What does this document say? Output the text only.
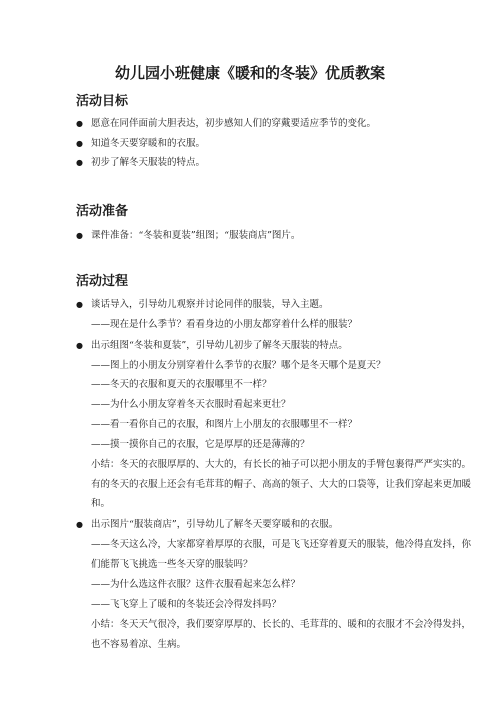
幼儿园小班健康《暖和的冬装》优质教案
活动目标
● 愿意在同伴面前大胆表达，初步感知人们的穿戴要适应季节的变化。
● 知道冬天要穿暖和的衣服。
● 初步了解冬天服装的特点。
活动准备
● 课件准备：“冬装和夏装”组图；“服装商店”图片。
活动过程
● 谈话导入，引导幼儿观察并讨论同伴的服装，导入主题。
——现在是什么季节？看看身边的小朋友都穿着什么样的服装？
● 出示组图“冬装和夏装”，引导幼儿初步了解冬天服装的特点。
——图上的小朋友分别穿着什么季节的衣服？哪个是冬天哪个是夏天？
——冬天的衣服和夏天的衣服哪里不一样？
——为什么小朋友穿着冬天衣服时看起来更壮？
——看一看你自己的衣服，和图片上小朋友的衣服哪里不一样？
——摸一摸你自己的衣服，它是厚厚的还是薄薄的？
小结：冬天的衣服厚厚的、大大的，有长长的袖子可以把小朋友的手臂包裹得严严实实的。
有的冬天的衣服上还会有毛茸茸的帽子、高高的领子、大大的口袋等，让我们穿起来更加暖
和。
● 出示图片“服装商店”，引导幼儿了解冬天要穿暖和的衣服。
——冬天这么冷，大家都穿着厚厚的衣服，可是飞飞还穿着夏天的服装，他冷得直发抖，你
们能帮飞飞挑选一些冬天穿的服装吗？
——为什么选这件衣服？这件衣服看起来怎么样？
——飞飞穿上了暖和的冬装还会冷得发抖吗？
小结：冬天天气很冷，我们要穿厚厚的、长长的、毛茸茸的、暖和的衣服才不会冷得发抖，
也不容易着凉、生病。
